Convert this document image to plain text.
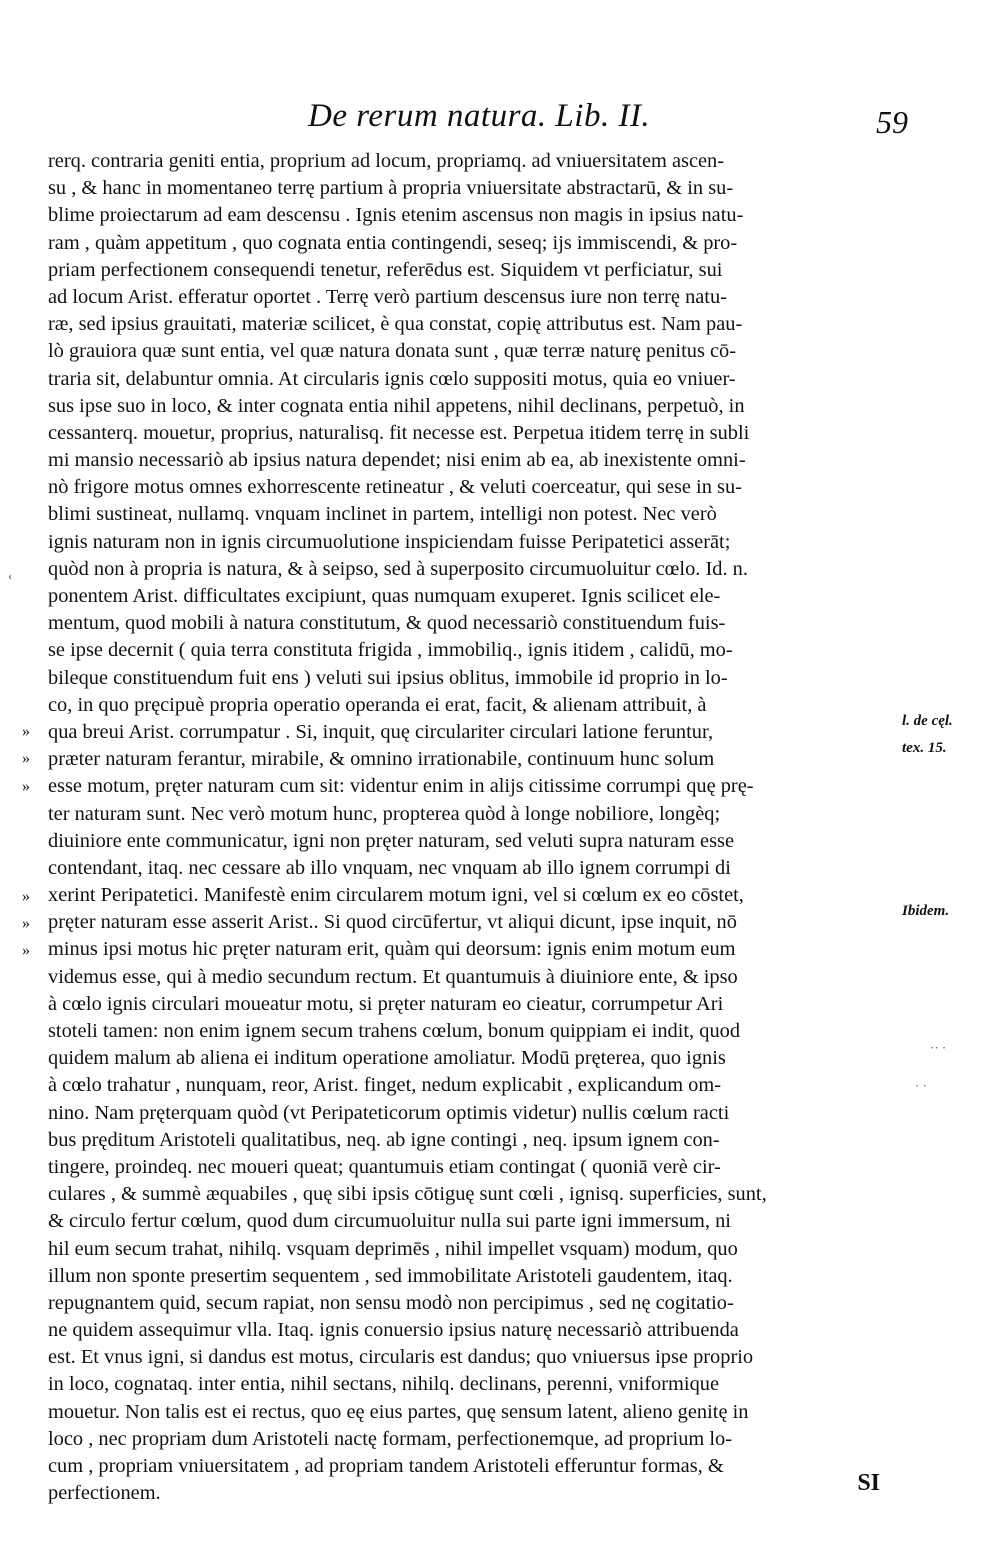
De rerum natura. Lib. II.	59
»
»
»
»
»
»
rerq. contraria geniti entia, proprium ad locum, propriamq. ad vniuersitatem ascen-
su , & hanc in momentaneo terrę partium à propria vniuersitate abstractarū, & in su-
blime proiectarum ad eam descensu . Ignis etenim ascensus non magis in ipsius natu-
ram , quàm appetitum , quo cognata entia contingendi, seseq; ijs immiscendi, & pro-
priam perfectionem consequendi tenetur, referēdus est. Siquidem vt perficiatur, sui
ad locum Arist. efferatur oportet . Terrę verò partium descensus iure non terrę natu-
ræ, sed ipsius grauitati, materiæ scilicet, è qua constat, copię attributus est. Nam pau-
lò grauiora quæ sunt entia, vel quæ natura donata sunt , quæ terræ naturę penitus cō-
traria sit, delabuntur omnia. At circularis ignis cœlo suppositi motus, quia eo vniuer-
sus ipse suo in loco, & inter cognata entia nihil appetens, nihil declinans, perpetuò, in
cessanterq. mouetur, proprius, naturalisq. fit necesse est. Perpetua itidem terrę in subli
mi mansio necessariò ab ipsius natura dependet; nisi enim ab ea, ab inexistente omni-
nò frigore motus omnes exhorrescente retineatur , & veluti coerceatur, qui sese in su-
blimi sustineat, nullamq. vnquam inclinet in partem, intelligi non potest. Nec verò
ignis naturam non in ignis circumuolutione inspiciendam fuisse Peripatetici asserāt;
quòd non à propria is natura, & à seipso, sed à superposito circumuoluitur cœlo. Id. n.
ponentem Arist. difficultates excipiunt, quas numquam exuperet. Ignis scilicet ele-
mentum, quod mobili à natura constitutum, & quod necessariò constituendum fuis-
se ipse decernit ( quia terra constituta frigida , immobiliq., ignis itidem , calidū, mo-
bileque constituendum fuit ens ) veluti sui ipsius oblitus, immobile id proprio in lo-
co, in quo pręcipuè propria operatio operanda ei erat, facit, & alienam attribuit, à
qua breui Arist. corrumpatur . Si, inquit, quę circulariter circulari latione feruntur,
præter naturam ferantur, mirabile, & omnino irrationabile, continuum hunc solum
esse motum, pręter naturam cum sit: videntur enim in alijs citissime corrumpi quę prę-
ter naturam sunt. Nec verò motum hunc, propterea quòd à longe nobiliore, longèq;
diuiniore ente communicatur, igni non pręter naturam, sed veluti supra naturam esse
contendant, itaq. nec cessare ab illo vnquam, nec vnquam ab illo ignem corrumpi di
xerint Peripatetici. Manifestè enim circularem motum igni, vel si cœlum ex eo cōstet,
pręter naturam esse asserit Arist.. Si quod circūfertur, vt aliqui dicunt, ipse inquit, nō
minus ipsi motus hic pręter naturam erit, quàm qui deorsum: ignis enim motum eum
videmus esse, qui à medio secundum rectum. Et quantumuis à diuiniore ente, & ipso
à cœlo ignis circulari moueatur motu, si pręter naturam eo cieatur, corrumpetur Ari
stoteli tamen: non enim ignem secum trahens cœlum, bonum quippiam ei indit, quod
quidem malum ab aliena ei inditum operatione amoliatur. Modū pręterea, quo ignis
à cœlo trahatur , nunquam, reor, Arist. finget, nedum explicabit , explicandum om-
nino. Nam pręterquam quòd (vt Peripateticorum optimis videtur) nullis cœlum racti
bus pręditum Aristoteli qualitatibus, neq. ab igne contingi , neq. ipsum ignem con-
tingere, proindeq. nec moueri queat; quantumuis etiam contingat ( quoniā verè cir-
culares , & summè æquabiles , quę sibi ipsis cōtiguę sunt cœli , ignisq. superficies, sunt,
& circulo fertur cœlum, quod dum circumuoluitur nulla sui parte igni immersum, ni
hil eum secum trahat, nihilq. vsquam deprimēs , nihil impellet vsquam) modum, quo
illum non sponte presertim sequentem , sed immobilitate Aristoteli gaudentem, itaq.
repugnantem quid, secum rapiat, non sensu modò non percipimus , sed nę cogitatio-
ne quidem assequimur vlla. Itaq. ignis conuersio ipsius naturę necessariò attribuenda
est. Et vnus igni, si dandus est motus, circularis est dandus; quo vniuersus ipse proprio
in loco, cognataq. inter entia, nihil sectans, nihilq. declinans, perenni, vniformique
mouetur. Non talis est ei rectus, quo eę eius partes, quę sensum latent, alieno genitę in
loco , nec propriam dum Aristoteli nactę formam, perfectionemque, ad proprium lo-
cum , propriam vniuersitatem , ad propriam tandem Aristoteli efferuntur formas, &
perfectionem.
l. de cęl.
tex. 15.
Ibidem.
·· ·
· ·
‹
SI
